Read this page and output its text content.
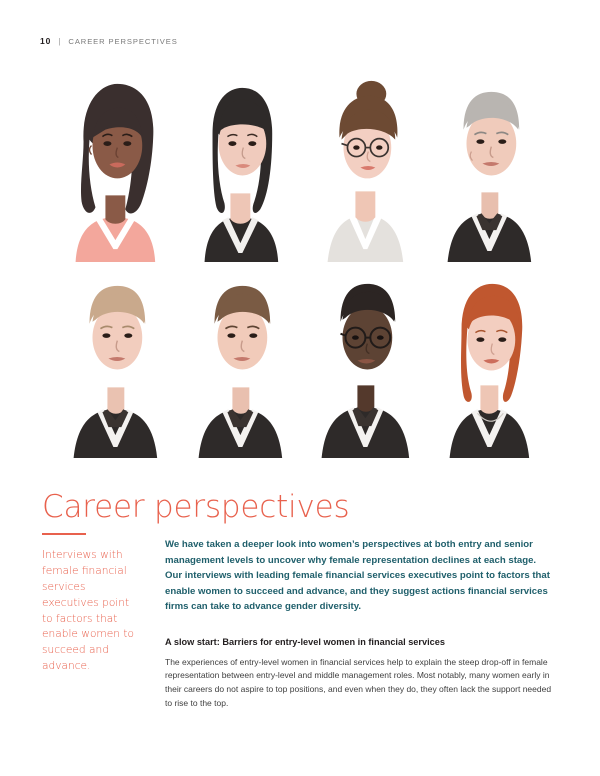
10 | CAREER PERSPECTIVES
Career perspectives

Interviews with female financial services executives point to factors that enable women to succeed and advance.

We have taken a deeper look into women’s perspectives at both entry and senior management levels to uncover why female representation declines at each stage. Our interviews with leading female financial services executives point to factors that enable women to succeed and advance, and they suggest actions financial services firms can take to advance gender diversity.

A slow start: Barriers for entry-level women in financial services

The experiences of entry-level women in financial services help to explain the steep drop-off in female representation between entry-level and middle management roles. Most notably, many women early in their careers do not aspire to top positions, and even when they do, they often lack the support needed to rise to the top.
